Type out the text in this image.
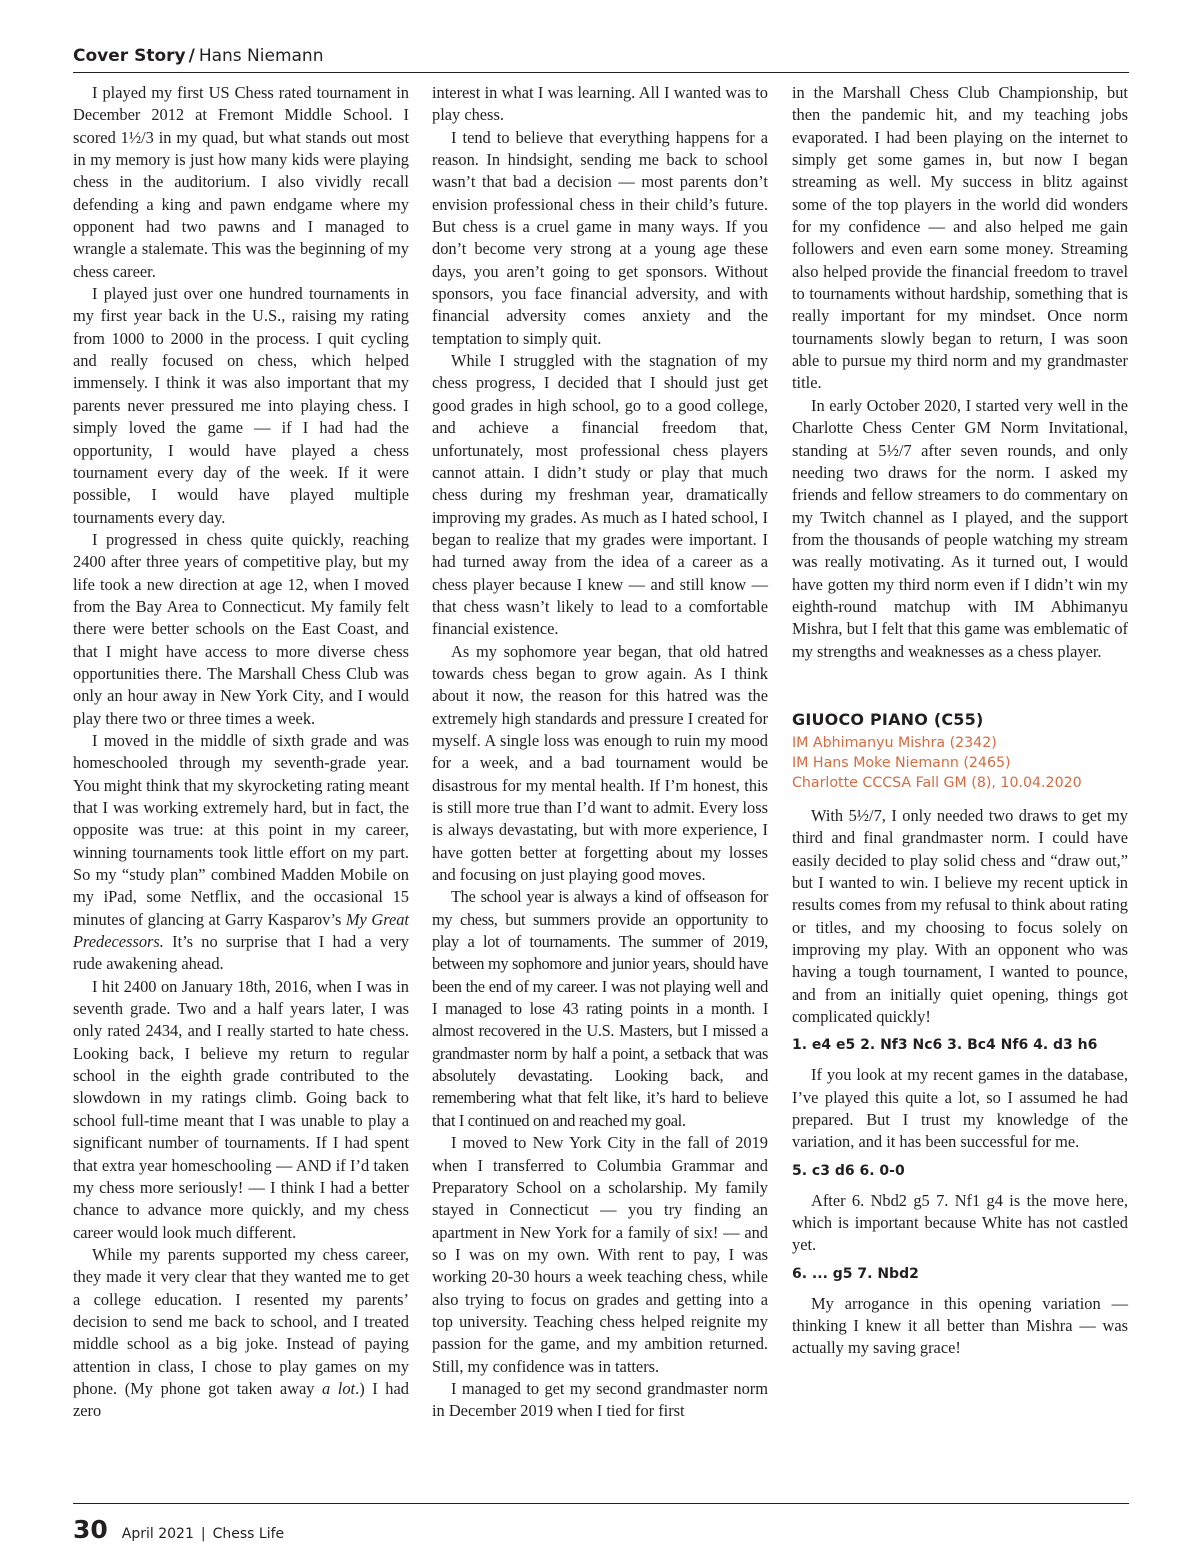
Cover Story / Hans Niemann

I played my first US Chess rated tournament in December 2012 at Fremont Middle School. I scored 1½/3 in my quad, but what stands out most in my memory is just how many kids were playing chess in the auditorium. I also vividly recall defending a king and pawn endgame where my opponent had two pawns and I managed to wrangle a stalemate. This was the beginning of my chess career.

I played just over one hundred tournaments in my first year back in the U.S., raising my rating from 1000 to 2000 in the process. I quit cycling and really focused on chess, which helped immensely. I think it was also important that my parents never pressured me into playing chess. I simply loved the game — if I had had the opportunity, I would have played a chess tournament every day of the week. If it were possible, I would have played multiple tournaments every day.

I progressed in chess quite quickly, reaching 2400 after three years of competitive play, but my life took a new direction at age 12, when I moved from the Bay Area to Connecticut. My family felt there were better schools on the East Coast, and that I might have access to more diverse chess opportunities there. The Marshall Chess Club was only an hour away in New York City, and I would play there two or three times a week.

I moved in the middle of sixth grade and was homeschooled through my seventh-grade year. You might think that my skyrocketing rating meant that I was working extremely hard, but in fact, the opposite was true: at this point in my career, winning tournaments took little effort on my part. So my “study plan” combined Madden Mobile on my iPad, some Netflix, and the occasional 15 minutes of glancing at Garry Kasparov’s My Great Predecessors. It’s no surprise that I had a very rude awakening ahead.

I hit 2400 on January 18th, 2016, when I was in seventh grade. Two and a half years later, I was only rated 2434, and I really started to hate chess. Looking back, I believe my return to regular school in the eighth grade contributed to the slowdown in my ratings climb. Going back to school full-time meant that I was unable to play a significant number of tournaments. If I had spent that extra year homeschooling — AND if I’d taken my chess more seriously! — I think I had a better chance to advance more quickly, and my chess career would look much different.

While my parents supported my chess career, they made it very clear that they wanted me to get a college education. I resented my parents’ decision to send me back to school, and I treated middle school as a big joke. Instead of paying attention in class, I chose to play games on my phone. (My phone got taken away a lot.) I had zero

interest in what I was learning. All I wanted was to play chess.

I tend to believe that everything happens for a reason. In hindsight, sending me back to school wasn’t that bad a decision — most parents don’t envision professional chess in their child’s future. But chess is a cruel game in many ways. If you don’t become very strong at a young age these days, you aren’t going to get sponsors. Without sponsors, you face financial adversity, and with financial adversity comes anxiety and the temptation to simply quit.

While I struggled with the stagnation of my chess progress, I decided that I should just get good grades in high school, go to a good college, and achieve a financial freedom that, unfortunately, most professional chess players cannot attain. I didn’t study or play that much chess during my freshman year, dramatically improving my grades. As much as I hated school, I began to realize that my grades were important. I had turned away from the idea of a career as a chess player because I knew — and still know — that chess wasn’t likely to lead to a comfortable financial existence.

As my sophomore year began, that old hatred towards chess began to grow again. As I think about it now, the reason for this hatred was the extremely high standards and pressure I created for myself. A single loss was enough to ruin my mood for a week, and a bad tournament would be disastrous for my mental health. If I’m honest, this is still more true than I’d want to admit. Every loss is always devastating, but with more experience, I have gotten better at forgetting about my losses and focusing on just playing good moves.

The school year is always a kind of offseason for my chess, but summers provide an opportunity to play a lot of tournaments. The summer of 2019, between my sophomore and junior years, should have been the end of my career. I was not playing well and I managed to lose 43 rating points in a month. I almost recovered in the U.S. Masters, but I missed a grandmaster norm by half a point, a setback that was absolutely devastating. Looking back, and remembering what that felt like, it’s hard to believe that I continued on and reached my goal.

I moved to New York City in the fall of 2019 when I transferred to Columbia Grammar and Preparatory School on a scholarship. My family stayed in Connecticut — you try finding an apartment in New York for a family of six! — and so I was on my own. With rent to pay, I was working 20-30 hours a week teaching chess, while also trying to focus on grades and getting into a top university. Teaching chess helped reignite my passion for the game, and my ambition returned. Still, my confidence was in tatters.

I managed to get my second grandmaster norm in December 2019 when I tied for first

in the Marshall Chess Club Championship, but then the pandemic hit, and my teaching jobs evaporated. I had been playing on the internet to simply get some games in, but now I began streaming as well. My success in blitz against some of the top players in the world did wonders for my confidence — and also helped me gain followers and even earn some money. Streaming also helped provide the financial freedom to travel to tournaments without hardship, something that is really important for my mindset. Once norm tournaments slowly began to return, I was soon able to pursue my third norm and my grandmaster title.

In early October 2020, I started very well in the Charlotte Chess Center GM Norm Invitational, standing at 5½/7 after seven rounds, and only needing two draws for the norm. I asked my friends and fellow streamers to do commentary on my Twitch channel as I played, and the support from the thousands of people watching my stream was really motivating. As it turned out, I would have gotten my third norm even if I didn’t win my eighth-round matchup with IM Abhimanyu Mishra, but I felt that this game was emblematic of my strengths and weaknesses as a chess player.

GIUOCO PIANO (C55)
IM Abhimanyu Mishra (2342)
IM Hans Moke Niemann (2465)
Charlotte CCCSA Fall GM (8), 10.04.2020

With 5½/7, I only needed two draws to get my third and final grandmaster norm. I could have easily decided to play solid chess and “draw out,” but I wanted to win. I believe my recent uptick in results comes from my refusal to think about rating or titles, and my choosing to focus solely on improving my play. With an opponent who was having a tough tournament, I wanted to pounce, and from an initially quiet opening, things got complicated quickly!

1. e4 e5 2. Nf3 Nc6 3. Bc4 Nf6 4. d3 h6

If you look at my recent games in the database, I’ve played this quite a lot, so I assumed he had prepared. But I trust my knowledge of the variation, and it has been successful for me.

5. c3 d6 6. 0-0

After 6. Nbd2 g5 7. Nf1 g4 is the move here, which is important because White has not castled yet.

6. ... g5 7. Nbd2

My arrogance in this opening variation — thinking I knew it all better than Mishra — was actually my saving grace!

30 April 2021 | Chess Life
